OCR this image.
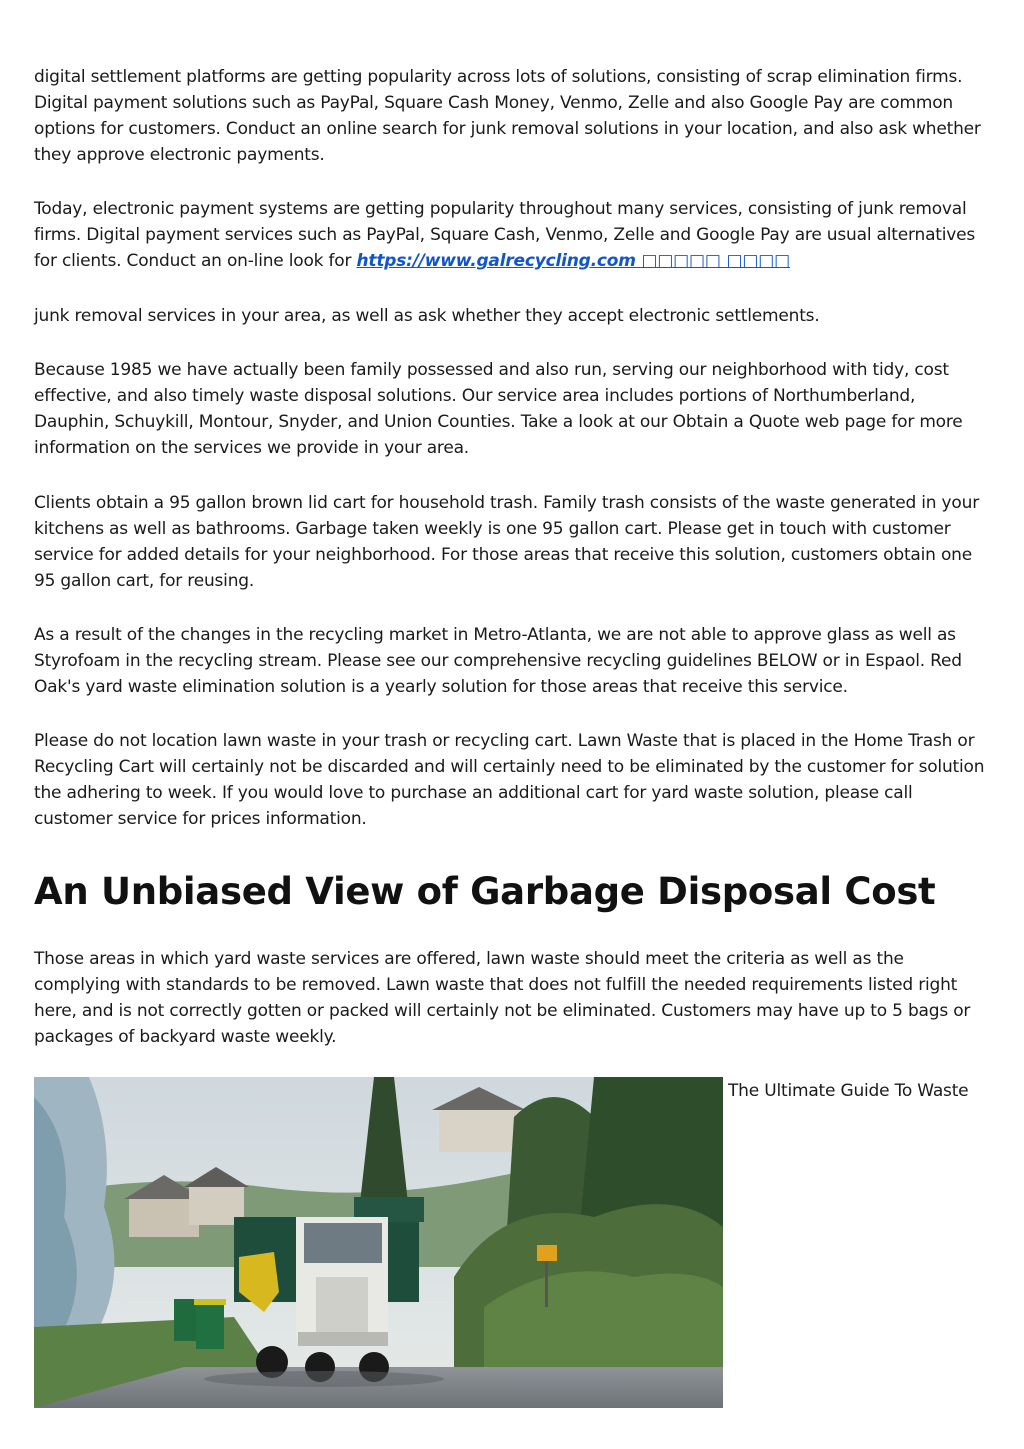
digital settlement platforms are getting popularity across lots of solutions, consisting of scrap elimination firms. Digital payment solutions such as PayPal, Square Cash Money, Venmo, Zelle and also Google Pay are common options for customers. Conduct an online search for junk removal solutions in your location, and also ask whether they approve electronic payments.

Today, electronic payment systems are getting popularity throughout many services, consisting of junk removal firms. Digital payment services such as PayPal, Square Cash, Venmo, Zelle and Google Pay are usual alternatives for clients. Conduct an on-line look for https://www.galrecycling.com □□□□□ □□□□

junk removal services in your area, as well as ask whether they accept electronic settlements.

Because 1985 we have actually been family possessed and also run, serving our neighborhood with tidy, cost effective, and also timely waste disposal solutions. Our service area includes portions of Northumberland, Dauphin, Schuykill, Montour, Snyder, and Union Counties. Take a look at our Obtain a Quote web page for more information on the services we provide in your area.

Clients obtain a 95 gallon brown lid cart for household trash. Family trash consists of the waste generated in your kitchens as well as bathrooms. Garbage taken weekly is one 95 gallon cart. Please get in touch with customer service for added details for your neighborhood. For those areas that receive this solution, customers obtain one 95 gallon cart, for reusing.

As a result of the changes in the recycling market in Metro-Atlanta, we are not able to approve glass as well as Styrofoam in the recycling stream. Please see our comprehensive recycling guidelines BELOW or in Espaol. Red Oak's yard waste elimination solution is a yearly solution for those areas that receive this service.

Please do not location lawn waste in your trash or recycling cart. Lawn Waste that is placed in the Home Trash or Recycling Cart will certainly not be discarded and will certainly need to be eliminated by the customer for solution the adhering to week. If you would love to purchase an additional cart for yard waste solution, please call customer service for prices information.

An Unbiased View of Garbage Disposal Cost

Those areas in which yard waste services are offered, lawn waste should meet the criteria as well as the complying with standards to be removed. Lawn waste that does not fulfill the needed requirements listed right here, and is not correctly gotten or packed will certainly not be eliminated. Customers may have up to 5 bags or packages of backyard waste weekly.

The Ultimate Guide To Waste
